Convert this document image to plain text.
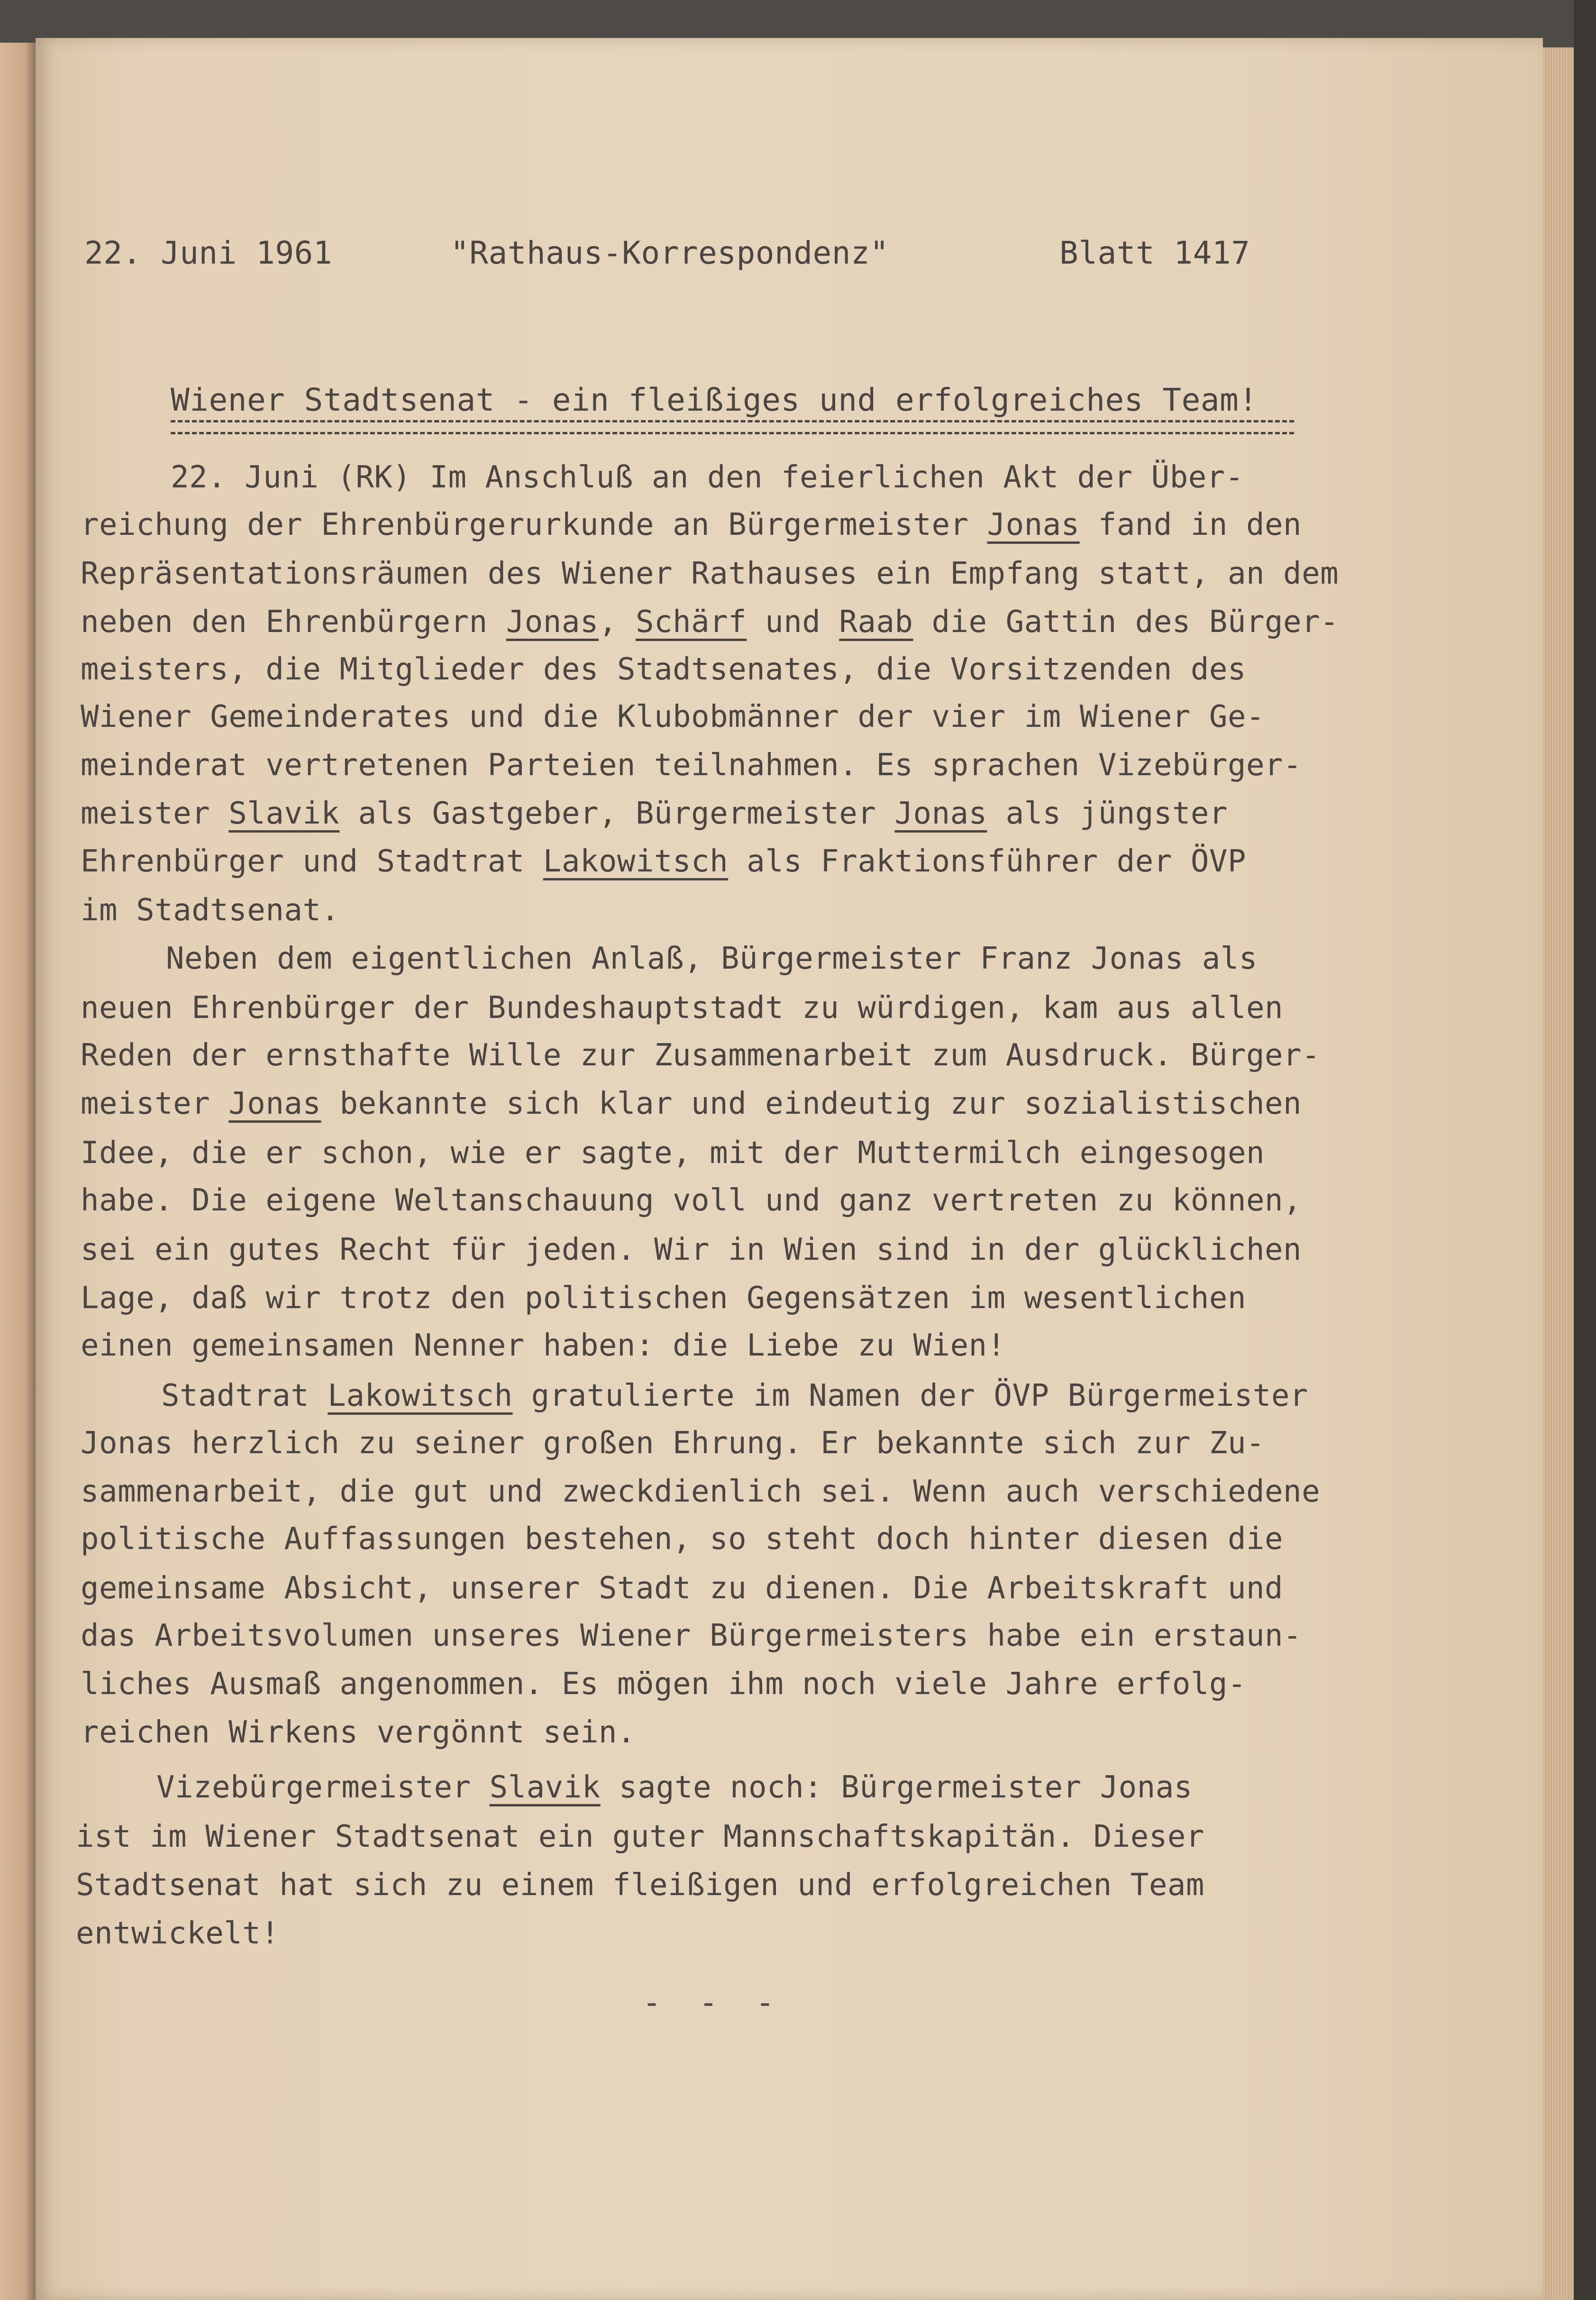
22. Juni 1961	"Rathaus-Korrespondenz"	Blatt 1417
Wiener Stadtsenat - ein fleißiges und erfolgreiches Team!
22. Juni (RK) Im Anschluß an den feierlichen Akt der Über-
reichung der Ehrenbürgerurkunde an Bürgermeister Jonas fand in den
Repräsentationsräumen des Wiener Rathauses ein Empfang statt, an dem
neben den Ehrenbürgern Jonas, Schärf und Raab die Gattin des Bürger-
meisters, die Mitglieder des Stadtsenates, die Vorsitzenden des
Wiener Gemeinderates und die Klubobmänner der vier im Wiener Ge-
meinderat vertretenen Parteien teilnahmen. Es sprachen Vizebürger-
meister Slavik als Gastgeber, Bürgermeister Jonas als jüngster
Ehrenbürger und Stadtrat Lakowitsch als Fraktionsführer der ÖVP
im Stadtsenat.
Neben dem eigentlichen Anlaß, Bürgermeister Franz Jonas als
neuen Ehrenbürger der Bundeshauptstadt zu würdigen, kam aus allen
Reden der ernsthafte Wille zur Zusammenarbeit zum Ausdruck. Bürger-
meister Jonas bekannte sich klar und eindeutig zur sozialistischen
Idee, die er schon, wie er sagte, mit der Muttermilch eingesogen
habe. Die eigene Weltanschauung voll und ganz vertreten zu können,
sei ein gutes Recht für jeden. Wir in Wien sind in der glücklichen
Lage, daß wir trotz den politischen Gegensätzen im wesentlichen
einen gemeinsamen Nenner haben: die Liebe zu Wien!
Stadtrat Lakowitsch gratulierte im Namen der ÖVP Bürgermeister
Jonas herzlich zu seiner großen Ehrung. Er bekannte sich zur Zu-
sammenarbeit, die gut und zweckdienlich sei. Wenn auch verschiedene
politische Auffassungen bestehen, so steht doch hinter diesen die
gemeinsame Absicht, unserer Stadt zu dienen. Die Arbeitskraft und
das Arbeitsvolumen unseres Wiener Bürgermeisters habe ein erstaun-
liches Ausmaß angenommen. Es mögen ihm noch viele Jahre erfolg-
reichen Wirkens vergönnt sein.
Vizebürgermeister Slavik sagte noch: Bürgermeister Jonas
ist im Wiener Stadtsenat ein guter Mannschaftskapitän. Dieser
Stadtsenat hat sich zu einem fleißigen und erfolgreichen Team
entwickelt!
- - -
